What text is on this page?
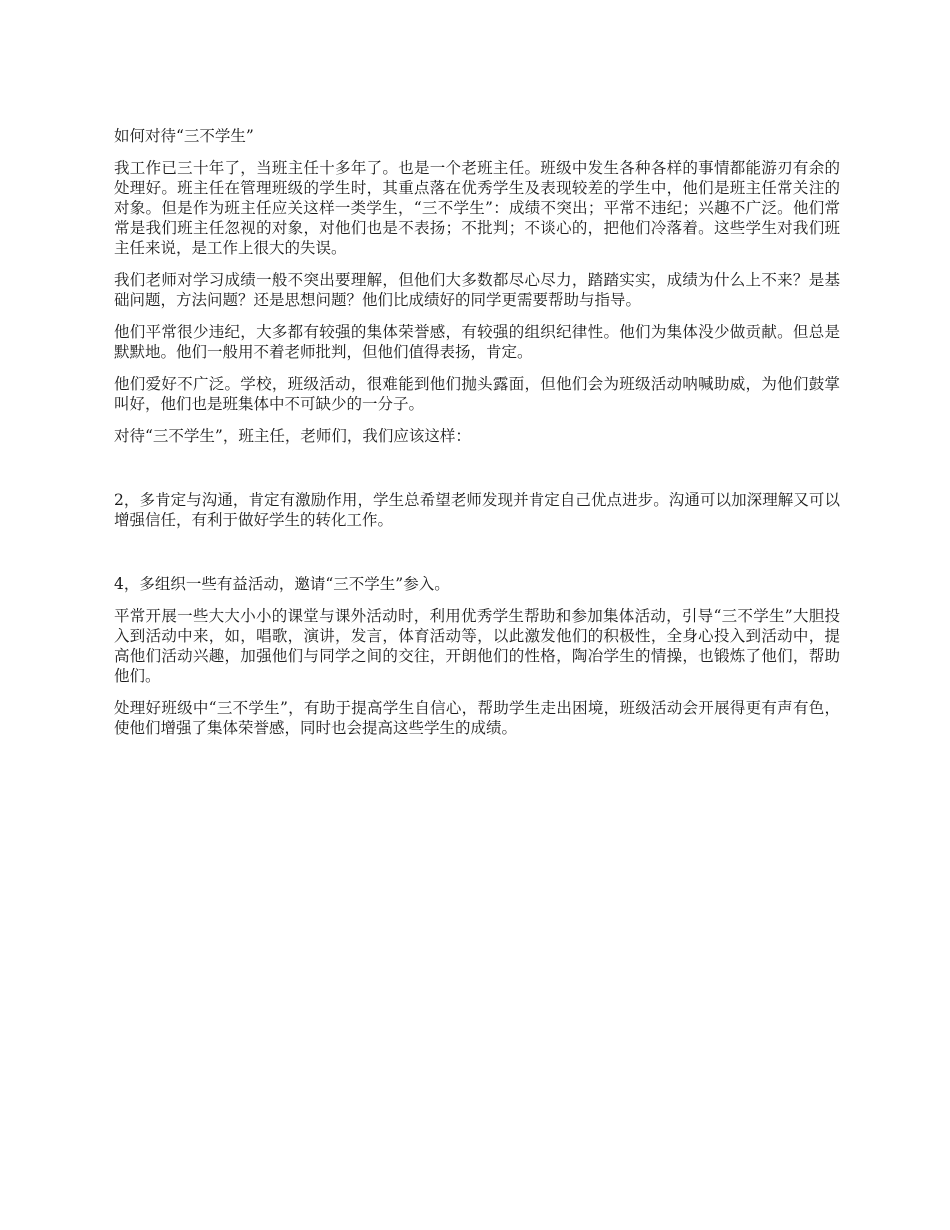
如何对待“三不学生”

我工作已三十年了，当班主任十多年了。也是一个老班主任。班级中发生各种各样的事情都能游刃有余的处理好。班主任在管理班级的学生时，其重点落在优秀学生及表现较差的学生中，他们是班主任常关注的对象。但是作为班主任应关这样一类学生，“三不学生”：成绩不突出；平常不违纪；兴趣不广泛。他们常常是我们班主任忽视的对象，对他们也是不表扬；不批判；不谈心的，把他们冷落着。这些学生对我们班主任来说，是工作上很大的失误。

我们老师对学习成绩一般不突出要理解，但他们大多数都尽心尽力，踏踏实实，成绩为什么上不来？是基础问题，方法问题？还是思想问题？他们比成绩好的同学更需要帮助与指导。

他们平常很少违纪，大多都有较强的集体荣誉感，有较强的组织纪律性。他们为集体没少做贡献。但总是默默地。他们一般用不着老师批判，但他们值得表扬，肯定。

他们爱好不广泛。学校，班级活动，很难能到他们抛头露面，但他们会为班级活动呐喊助威，为他们鼓掌叫好，他们也是班集体中不可缺少的一分子。

对待“三不学生”，班主任，老师们，我们应该这样：

2，多肯定与沟通，肯定有激励作用，学生总希望老师发现并肯定自己优点进步。沟通可以加深理解又可以增强信任，有利于做好学生的转化工作。

4，多组织一些有益活动，邀请“三不学生”参入。

平常开展一些大大小小的课堂与课外活动时，利用优秀学生帮助和参加集体活动，引导“三不学生”大胆投入到活动中来，如，唱歌，演讲，发言，体育活动等，以此激发他们的积极性，全身心投入到活动中，提高他们活动兴趣，加强他们与同学之间的交往，开朗他们的性格，陶冶学生的情操，也锻炼了他们，帮助他们。

处理好班级中“三不学生”，有助于提高学生自信心，帮助学生走出困境，班级活动会开展得更有声有色，使他们增强了集体荣誉感，同时也会提高这些学生的成绩。
